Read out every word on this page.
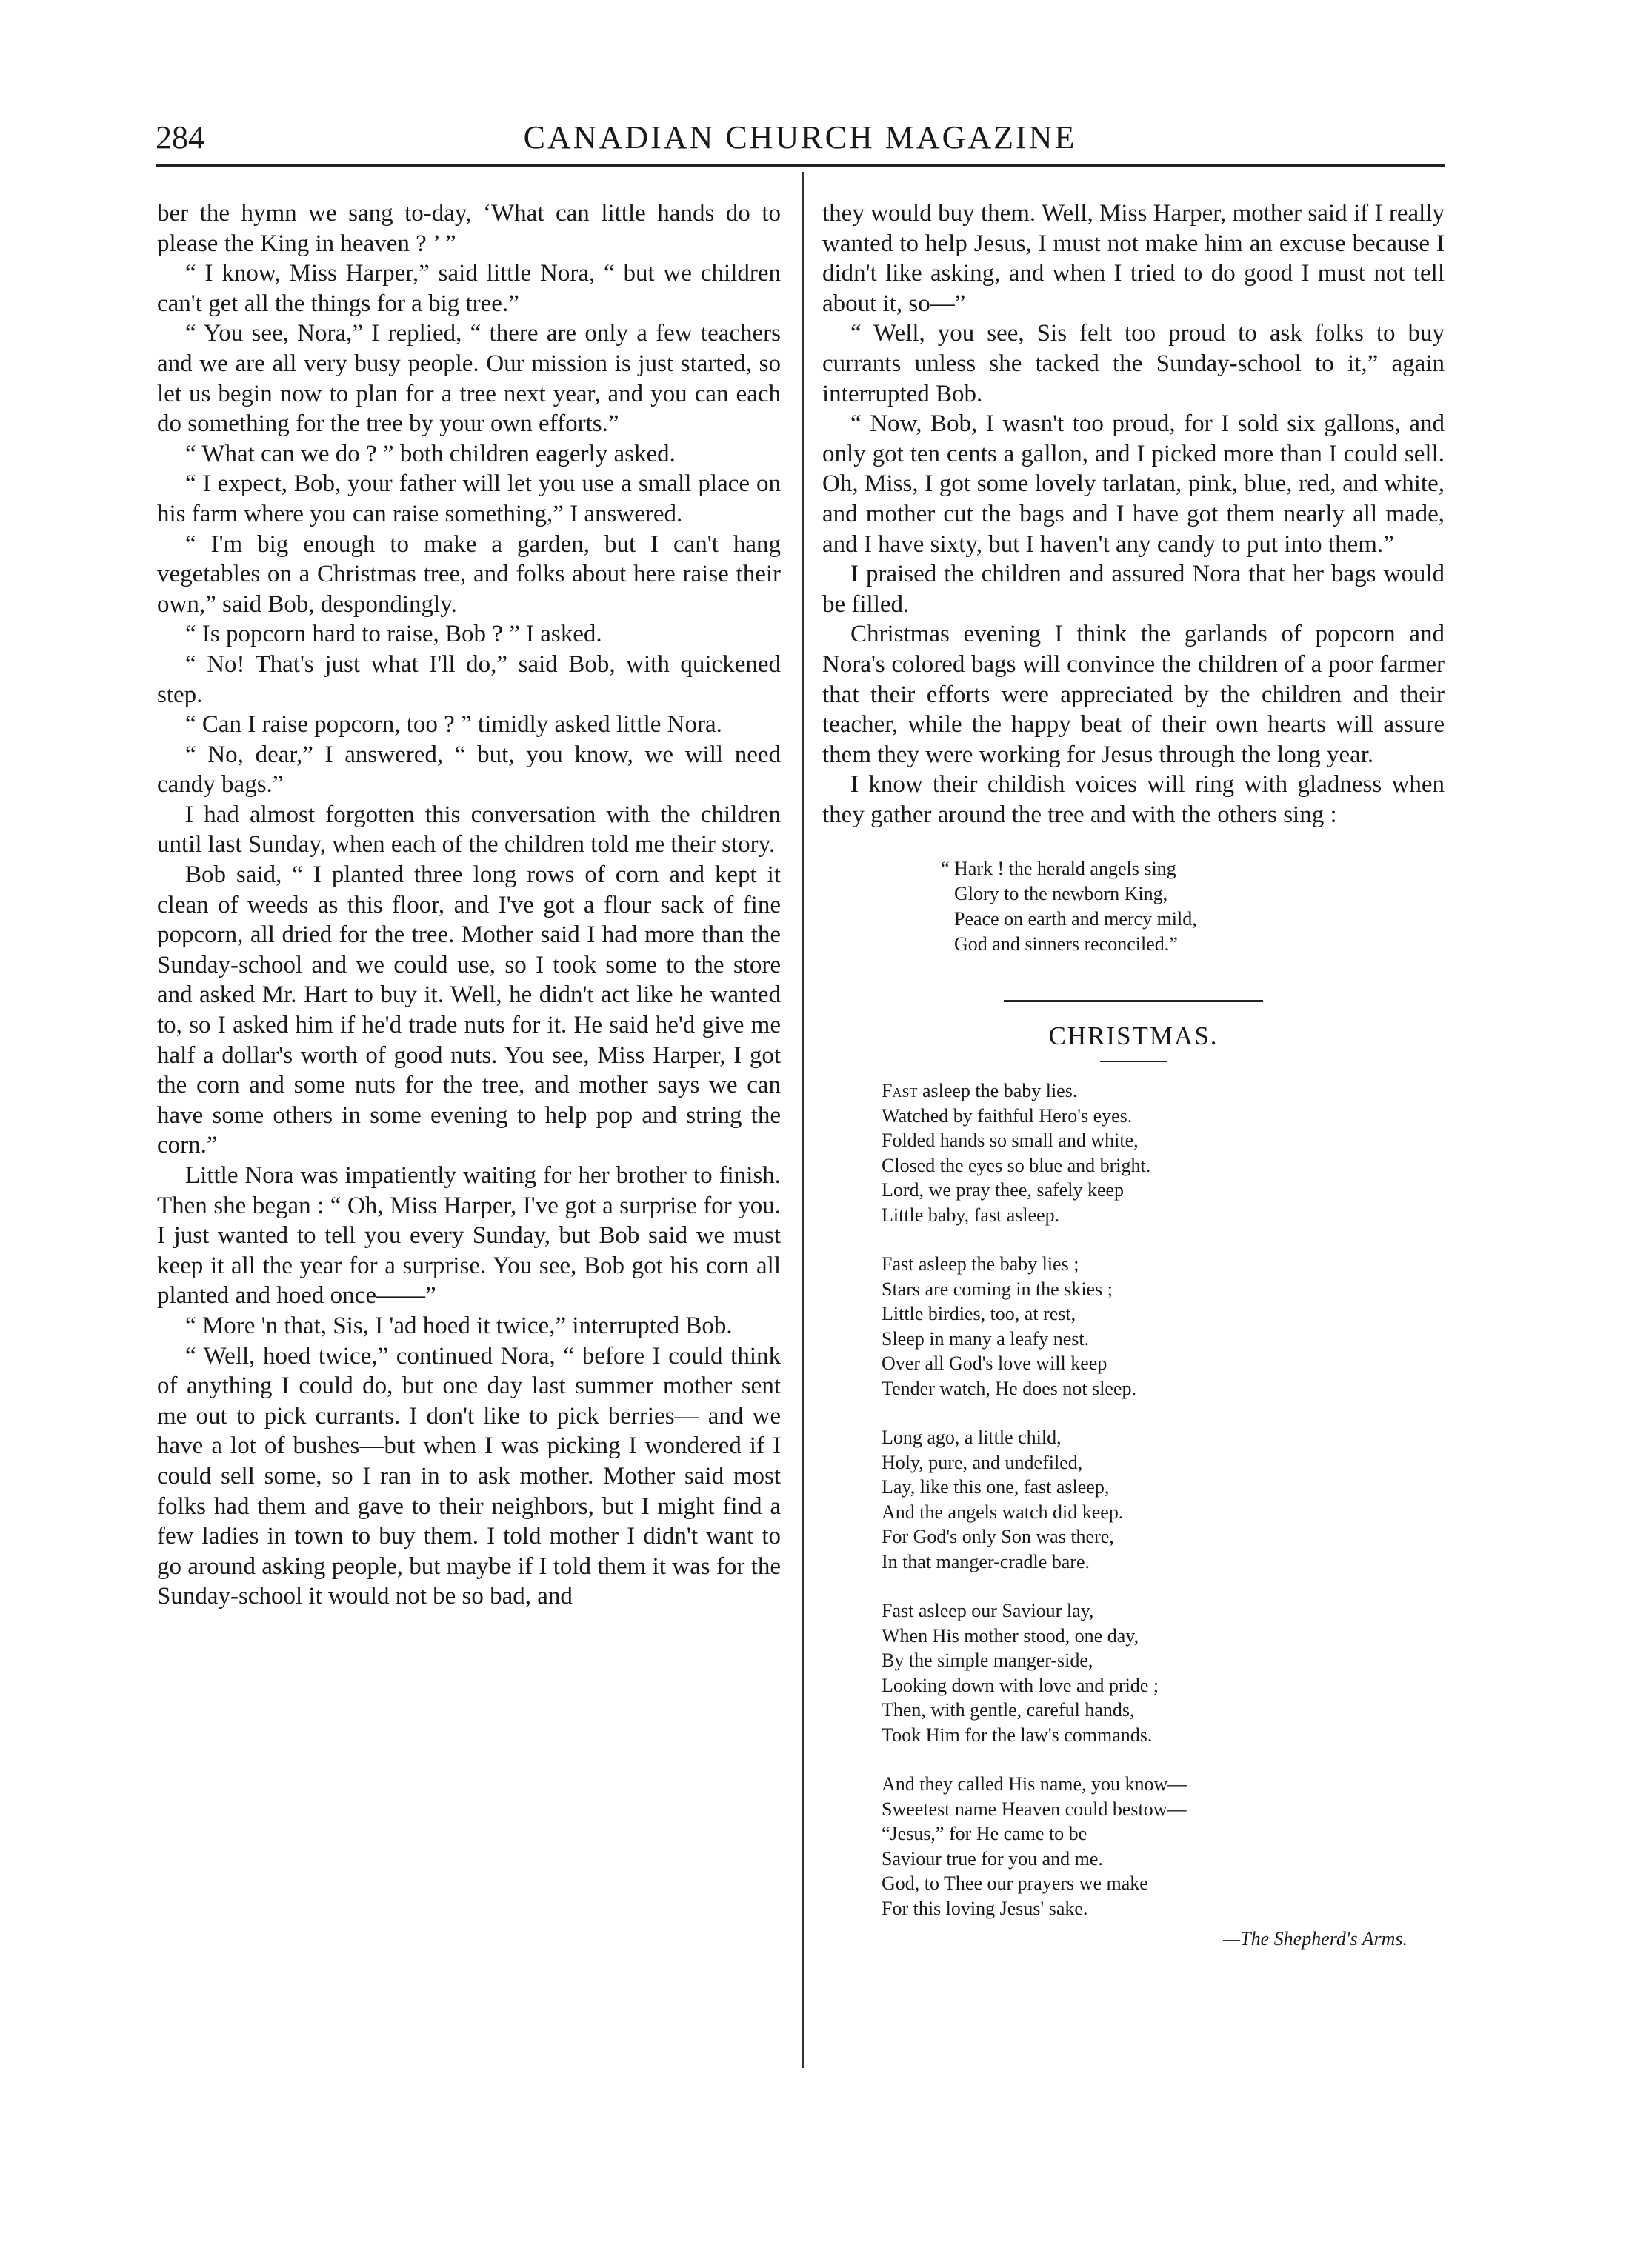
284	CANADIAN CHURCH MAGAZINE

ber the hymn we sang to-day, ‘What can little hands do to please the King in heaven ? ’ ”

“ I know, Miss Harper,” said little Nora, “ but we children can't get all the things for a big tree.”

“ You see, Nora,” I replied, “ there are only a few teachers and we are all very busy people. Our mission is just started, so let us begin now to plan for a tree next year, and you can each do something for the tree by your own efforts.”

“ What can we do ? ” both children eagerly asked.

“ I expect, Bob, your father will let you use a small place on his farm where you can raise something,” I answered.

“ I'm big enough to make a garden, but I can't hang vegetables on a Christmas tree, and folks about here raise their own,” said Bob, despondingly.

“ Is popcorn hard to raise, Bob ? ” I asked.

“ No! That's just what I'll do,” said Bob, with quickened step.

“ Can I raise popcorn, too ? ” timidly asked little Nora.

“ No, dear,” I answered, “ but, you know, we will need candy bags.”

I had almost forgotten this conversation with the children until last Sunday, when each of the children told me their story.

Bob said, “ I planted three long rows of corn and kept it clean of weeds as this floor, and I've got a flour sack of fine popcorn, all dried for the tree. Mother said I had more than the Sunday-school and we could use, so I took some to the store and asked Mr. Hart to buy it. Well, he didn't act like he wanted to, so I asked him if he'd trade nuts for it. He said he'd give me half a dollar's worth of good nuts. You see, Miss Harper, I got the corn and some nuts for the tree, and mother says we can have some others in some evening to help pop and string the corn.”

Little Nora was impatiently waiting for her brother to finish. Then she began : “ Oh, Miss Harper, I've got a surprise for you. I just wanted to tell you every Sunday, but Bob said we must keep it all the year for a surprise. You see, Bob got his corn all planted and hoed once——”

“ More 'n that, Sis, I 'ad hoed it twice,” interrupted Bob.

“ Well, hoed twice,” continued Nora, “ before I could think of anything I could do, but one day last summer mother sent me out to pick currants. I don't like to pick berries— and we have a lot of bushes—but when I was picking I wondered if I could sell some, so I ran in to ask mother. Mother said most folks had them and gave to their neighbors, but I might find a few ladies in town to buy them. I told mother I didn't want to go around asking people, but maybe if I told them it was for the Sunday-school it would not be so bad, and

they would buy them. Well, Miss Harper, mother said if I really wanted to help Jesus, I must not make him an excuse because I didn't like asking, and when I tried to do good I must not tell about it, so—”

“ Well, you see, Sis felt too proud to ask folks to buy currants unless she tacked the Sunday-school to it,” again interrupted Bob.

“ Now, Bob, I wasn't too proud, for I sold six gallons, and only got ten cents a gallon, and I picked more than I could sell. Oh, Miss, I got some lovely tarlatan, pink, blue, red, and white, and mother cut the bags and I have got them nearly all made, and I have sixty, but I haven't any candy to put into them.”

I praised the children and assured Nora that her bags would be filled.

Christmas evening I think the garlands of popcorn and Nora's colored bags will convince the children of a poor farmer that their efforts were appreciated by the children and their teacher, while the happy beat of their own hearts will assure them they were working for Jesus through the long year.

I know their childish voices will ring with gladness when they gather around the tree and with the others sing :

“ Hark ! the herald angels sing
Glory to the newborn King,
Peace on earth and mercy mild,
God and sinners reconciled.”
CHRISTMAS.
Fast asleep the baby lies.
Watched by faithful Hero's eyes.
Folded hands so small and white,
Closed the eyes so blue and bright.
Lord, we pray thee, safely keep
Little baby, fast asleep.
Fast asleep the baby lies ;
Stars are coming in the skies ;
Little birdies, too, at rest,
Sleep in many a leafy nest.
Over all God's love will keep
Tender watch, He does not sleep.
Long ago, a little child,
Holy, pure, and undefiled,
Lay, like this one, fast asleep,
And the angels watch did keep.
For God's only Son was there,
In that manger-cradle bare.
Fast asleep our Saviour lay,
When His mother stood, one day,
By the simple manger-side,
Looking down with love and pride ;
Then, with gentle, careful hands,
Took Him for the law's commands.
And they called His name, you know—
Sweetest name Heaven could bestow—
“Jesus,” for He came to be
Saviour true for you and me.
God, to Thee our prayers we make
For this loving Jesus' sake.
—The Shepherd's Arms.
